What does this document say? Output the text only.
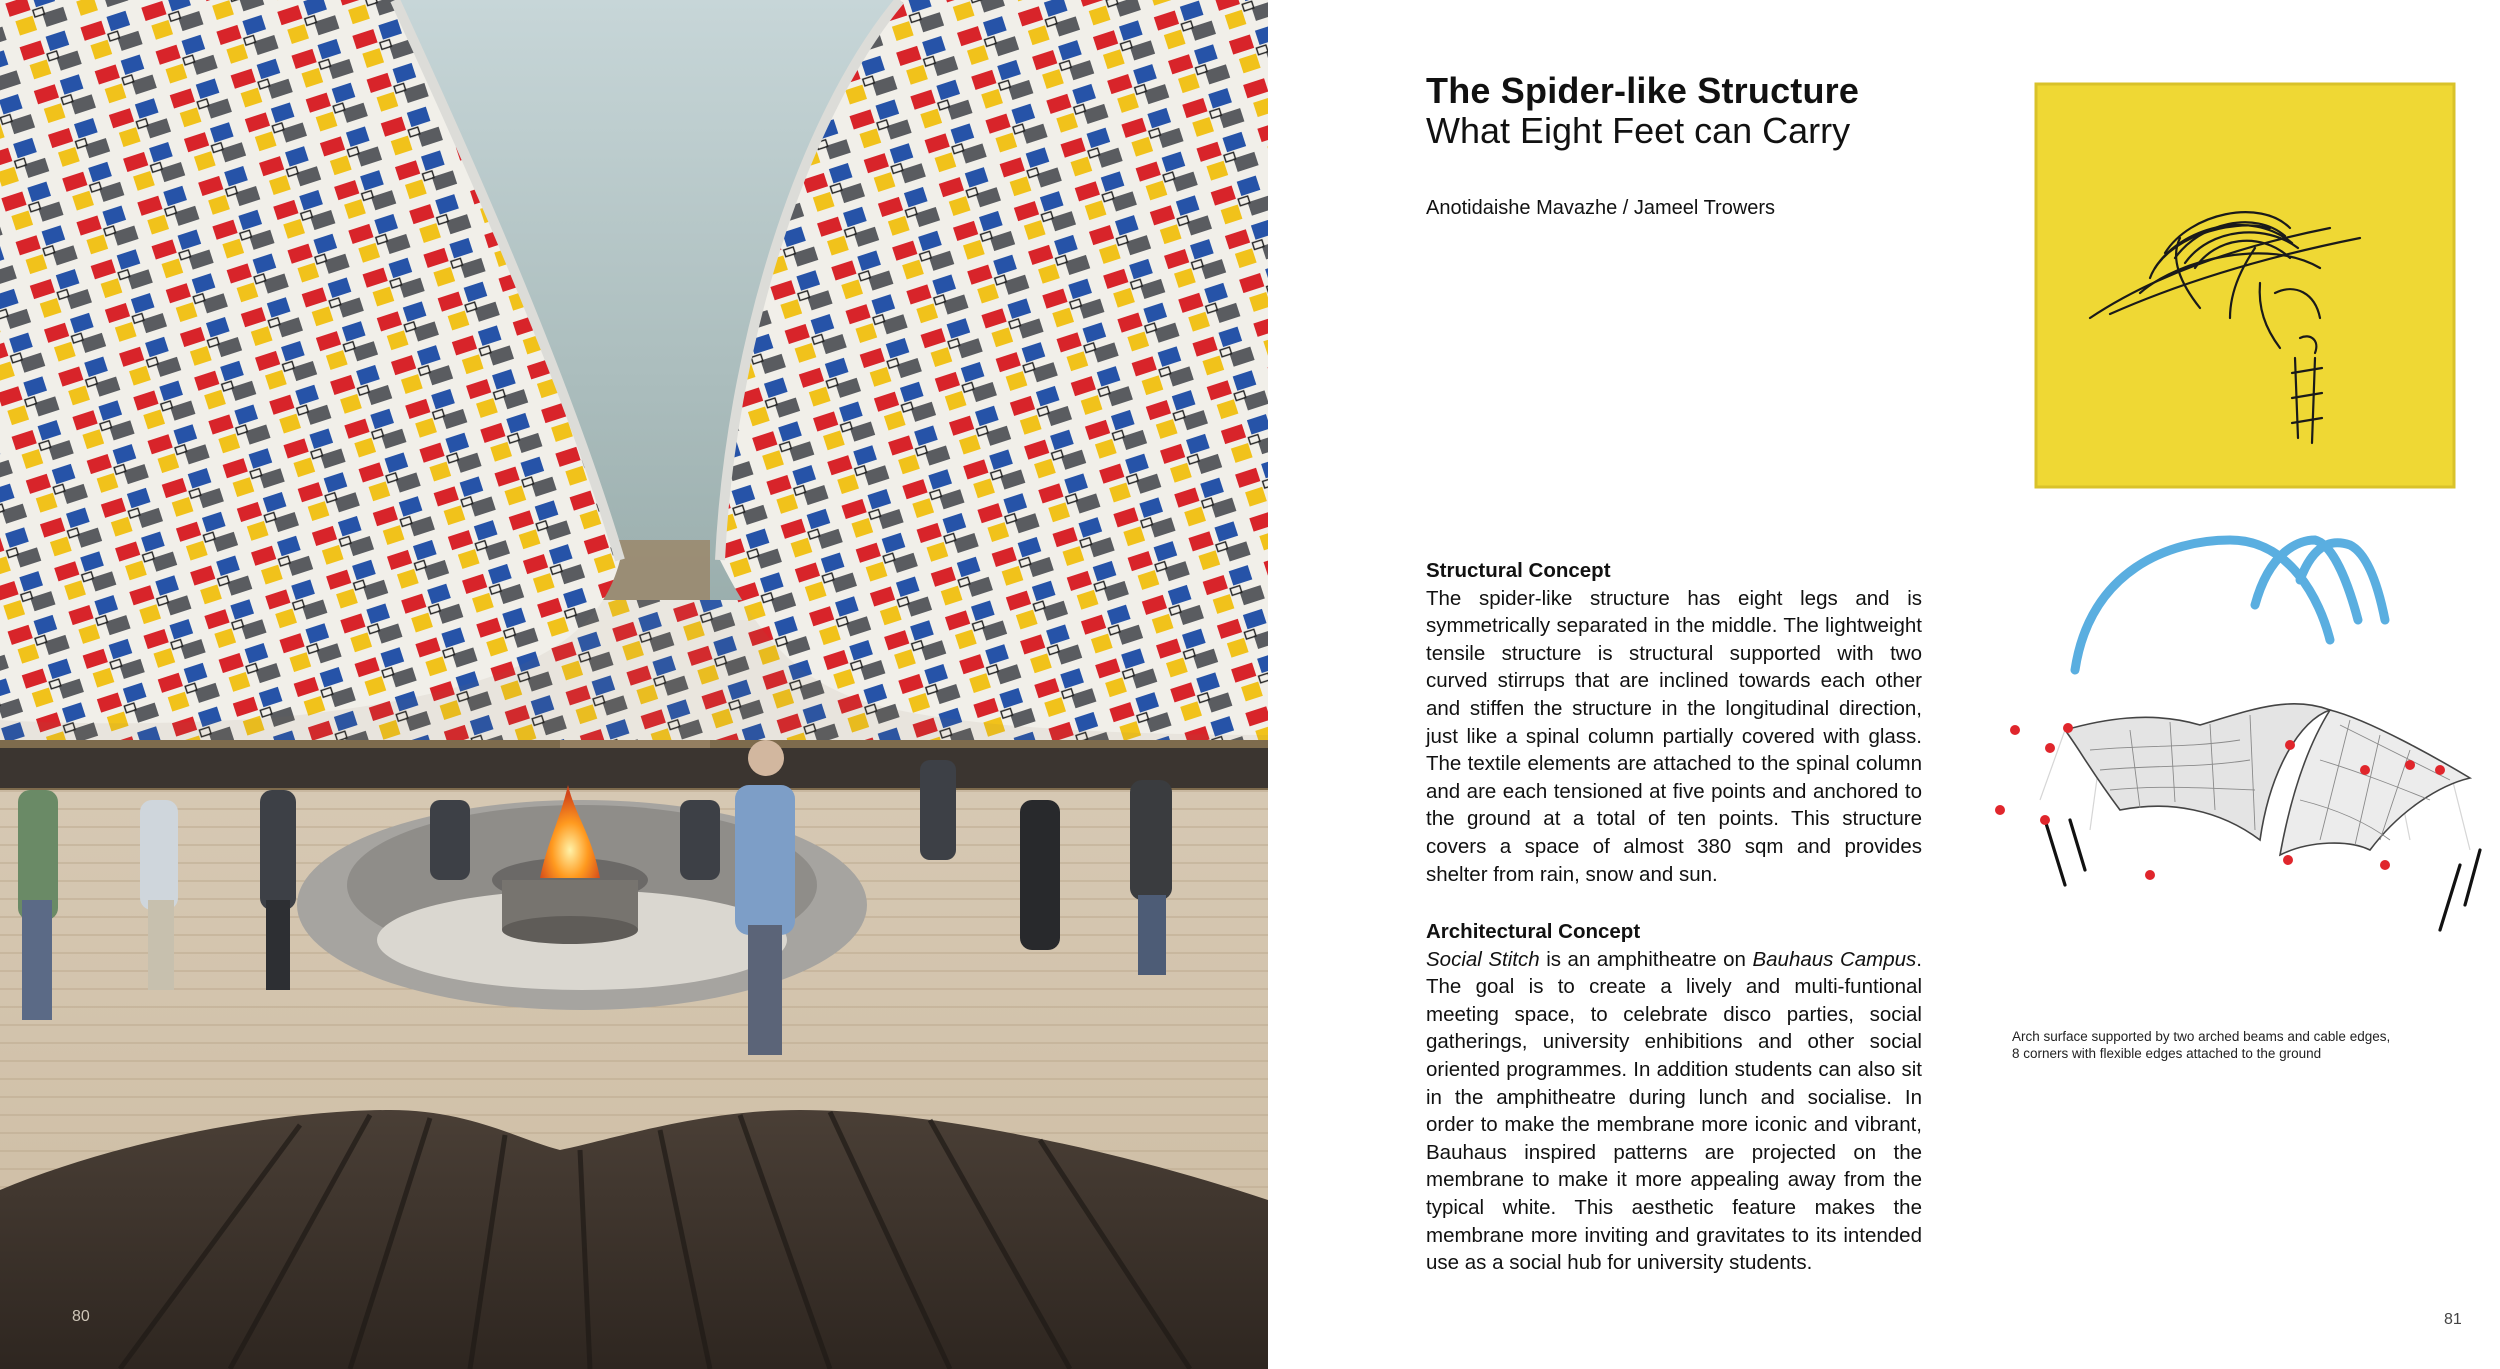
80
The Spider-like Structure
What Eight Feet can Carry
Anotidaishe Mavazhe / Jameel Trowers
Structural Concept

The spider-like structure has eight legs and is symmetrically separated in the middle. The lightweight tensile structure is structural supported with two curved stirrups that are inclined towards each other and stiffen the structure in the longitudinal direction, just like a spinal column partially covered with glass. The textile elements are attached to the spinal column and are each tensioned at five points and anchored to the ground at a total of ten points. This structure covers a space of almost 380 sqm and provides shelter from rain, snow and sun.

Architectural Concept

Social Stitch is an amphitheatre on Bauhaus Campus. The goal is to create a lively and multi-funtional meeting space, to celebrate disco parties, social gatherings, university enhibitions and other social oriented programmes. In addition students can also sit in the amphitheatre during lunch and socialise. In order to make the membrane more iconic and vibrant, Bauhaus inspired patterns are projected on the membrane to make it more appealing away from the typical white. This aesthetic feature makes the membrane more inviting and gravitates to its intended use as a social hub for university students.

Arch surface supported by two arched beams and cable edges, 8 corners with flexible edges attached to the ground
81
